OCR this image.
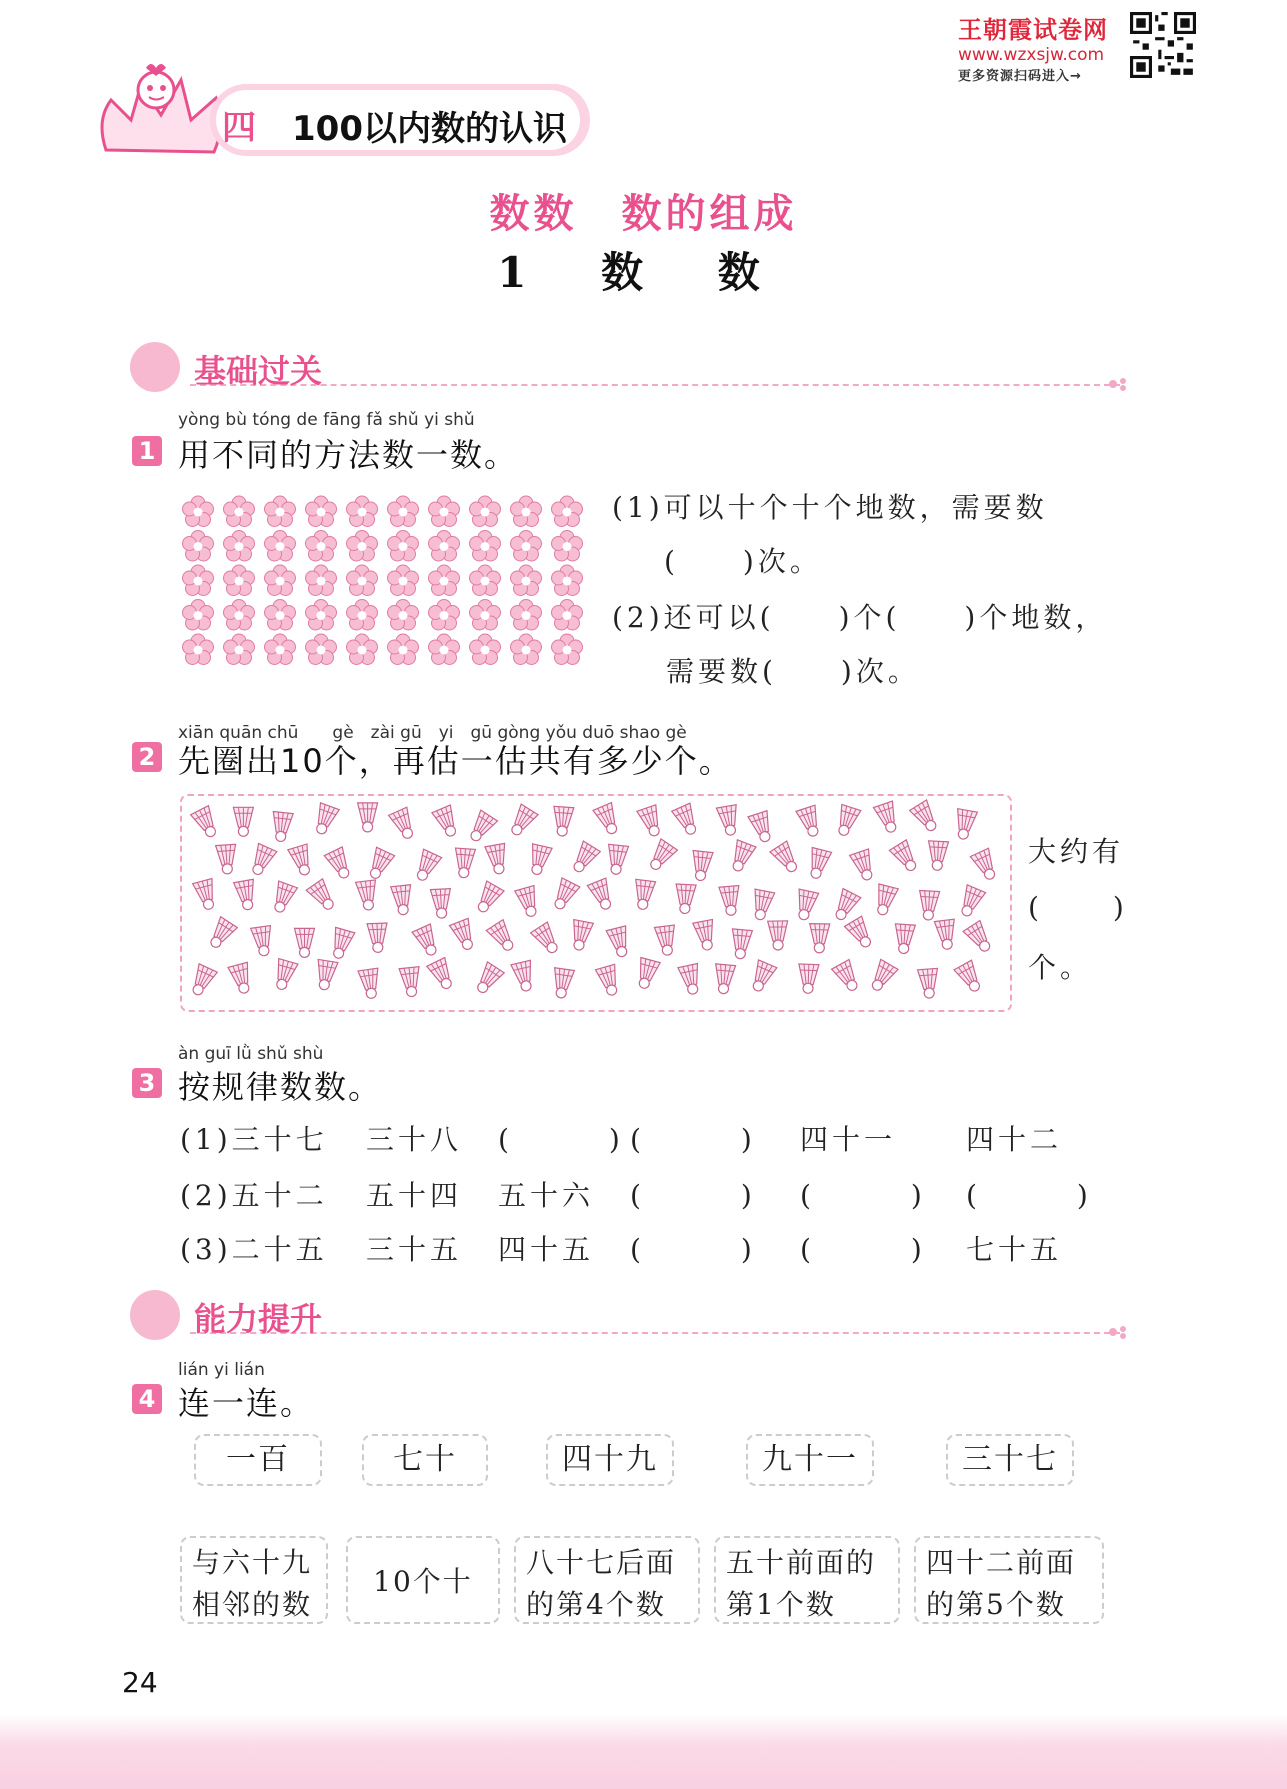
王朝霞试卷网
www.wzxsjw.com
更多资源扫码进入→
四 100以内数的认识
数数　数的组成
1 数 数
基础过关
yòng bù tóng de fāng fǎ shǔ yi shǔ
1 用不同的方法数一数。
(1)可以十个十个地数，需要数
(　　)次。
(2)还可以(　　)个(　　)个地数，
需要数(　　)次。
xiān quān chū　　gè　zài gū　yi　gū gòng yǒu duō shao gè
2 先圈出10个，再估一估共有多少个。
大约有
(　　)
个。
àn guī lǜ shǔ shù
3 按规律数数。
(1)三十七 三十八 (　　　) (　　　) 四十一 四十二
(2)五十二 五十四 五十六 (　　　) (　　　) (　　　)
(3)二十五 三十五 四十五 (　　　) (　　　) 七十五
能力提升
lián yi lián
4 连一连。
一百	七十	四十九	九十一	三十七
与六十九
相邻的数
10个十
八十七后面
的第4个数
五十前面的
第1个数
四十二前面
的第5个数
24
